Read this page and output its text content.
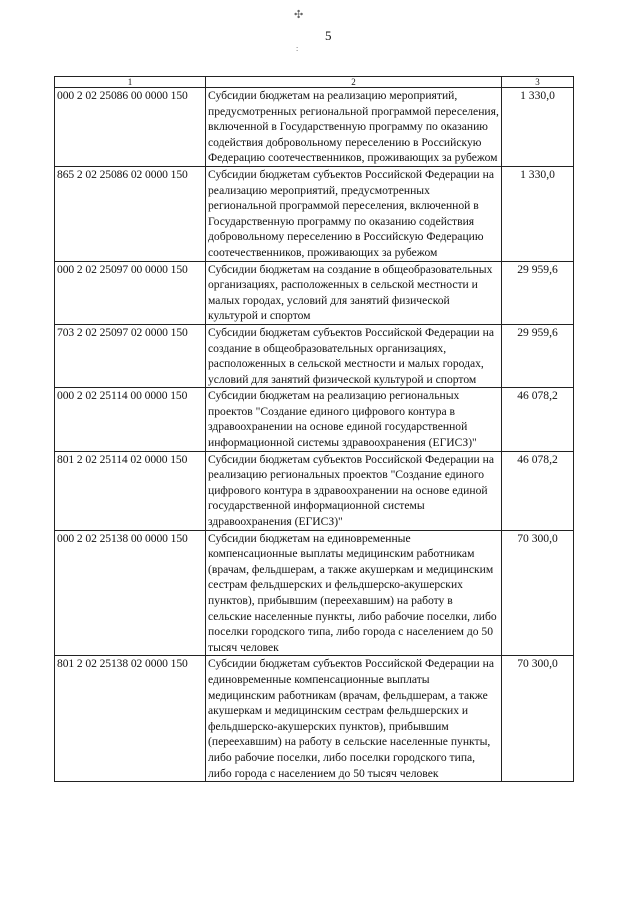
5
✣
:
1	2	3
000 2 02 25086 00 0000 150	Субсидии бюджетам на реализацию мероприятий, предусмотренных региональной программой переселения, включенной в Государственную программу по оказанию содействия добровольному переселению в Российскую Федерацию соотечественников, проживающих за рубежом	1 330,0
865 2 02 25086 02 0000 150	Субсидии бюджетам субъектов Российской Федерации на реализацию мероприятий, предусмотренных региональной программой переселения, включенной в Государственную программу по оказанию содействия добровольному переселению в Российскую Федерацию соотечественников, проживающих за рубежом	1 330,0
000 2 02 25097 00 0000 150	Субсидии бюджетам на создание в общеобразовательных организациях, расположенных в сельской местности и малых городах, условий для занятий физической культурой и спортом	29 959,6
703 2 02 25097 02 0000 150	Субсидии бюджетам субъектов Российской Федерации на создание в общеобразовательных организациях, расположенных в сельской местности и малых городах, условий для занятий физической культурой и спортом	29 959,6
000 2 02 25114 00 0000 150	Субсидии бюджетам на реализацию региональных проектов "Создание единого цифрового контура в здравоохранении на основе единой государственной информационной системы здравоохранения (ЕГИСЗ)"	46 078,2
801 2 02 25114 02 0000 150	Субсидии бюджетам субъектов Российской Федерации на реализацию региональных проектов "Создание единого цифрового контура в здравоохранении на основе единой государственной информационной системы здравоохранения (ЕГИСЗ)"	46 078,2
000 2 02 25138 00 0000 150	Субсидии бюджетам на единовременные компенсационные выплаты медицинским работникам (врачам, фельдшерам, а также акушеркам и медицинским сестрам фельдшерских и фельдшерско-акушерских пунктов), прибывшим (переехавшим) на работу в сельские населенные пункты, либо рабочие поселки, либо поселки городского типа, либо города с населением до 50 тысяч человек	70 300,0
801 2 02 25138 02 0000 150	Субсидии бюджетам субъектов Российской Федерации на единовременные компенсационные выплаты медицинским работникам (врачам, фельдшерам, а также акушеркам и медицинским сестрам фельдшерских и фельдшерско-акушерских пунктов), прибывшим (переехавшим) на работу в сельские населенные пункты, либо рабочие поселки, либо поселки городского типа, либо города с населением до 50 тысяч человек	70 300,0
